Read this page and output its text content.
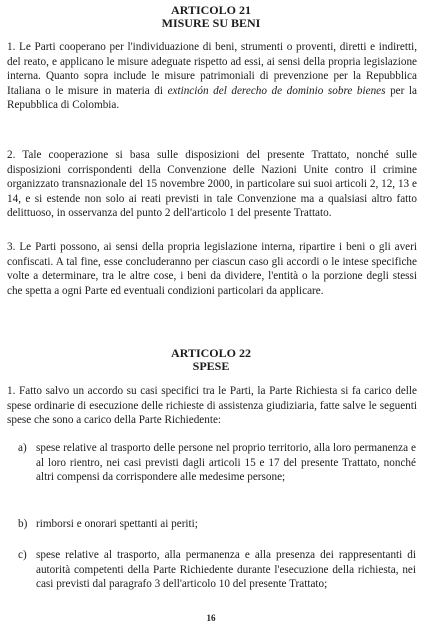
ARTICOLO 21
MISURE SU BENI

1. Le Parti cooperano per l'individuazione di beni, strumenti o proventi, diretti e indiretti, del reato, e applicano le misure adeguate rispetto ad essi, ai sensi della propria legislazione interna. Quanto sopra include le misure patrimoniali di prevenzione per la Repubblica Italiana o le misure in materia di extinción del derecho de dominio sobre bienes per la Repubblica di Colombia.

2. Tale cooperazione si basa sulle disposizioni del presente Trattato, nonché sulle disposizioni corrispondenti della Convenzione delle Nazioni Unite contro il crimine organizzato transnazionale del 15 novembre 2000, in particolare sui suoi articoli 2, 12, 13 e 14, e si estende non solo ai reati previsti in tale Convenzione ma a qualsiasi altro fatto delittuoso, in osservanza del punto 2 dell'articolo 1 del presente Trattato.

3. Le Parti possono, ai sensi della propria legislazione interna, ripartire i beni o gli averi confiscati. A tal fine, esse concluderanno per ciascun caso gli accordi o le intese specifiche volte a determinare, tra le altre cose, i beni da dividere, l'entità o la porzione degli stessi che spetta a ogni Parte ed eventuali condizioni particolari da applicare.

ARTICOLO 22
SPESE

1. Fatto salvo un accordo su casi specifici tra le Parti, la Parte Richiesta si fa carico delle spese ordinarie di esecuzione delle richieste di assistenza giudiziaria, fatte salve le seguenti spese che sono a carico della Parte Richiedente:

a) spese relative al trasporto delle persone nel proprio territorio, alla loro permanenza e al loro rientro, nei casi previsti dagli articoli 15 e 17 del presente Trattato, nonché altri compensi da corrispondere alle medesime persone;
b) rimborsi e onorari spettanti ai periti;
c) spese relative al trasporto, alla permanenza e alla presenza dei rappresentanti di autorità competenti della Parte Richiedente durante l'esecuzione della richiesta, nei casi previsti dal paragrafo 3 dell'articolo 10 del presente Trattato;
16
